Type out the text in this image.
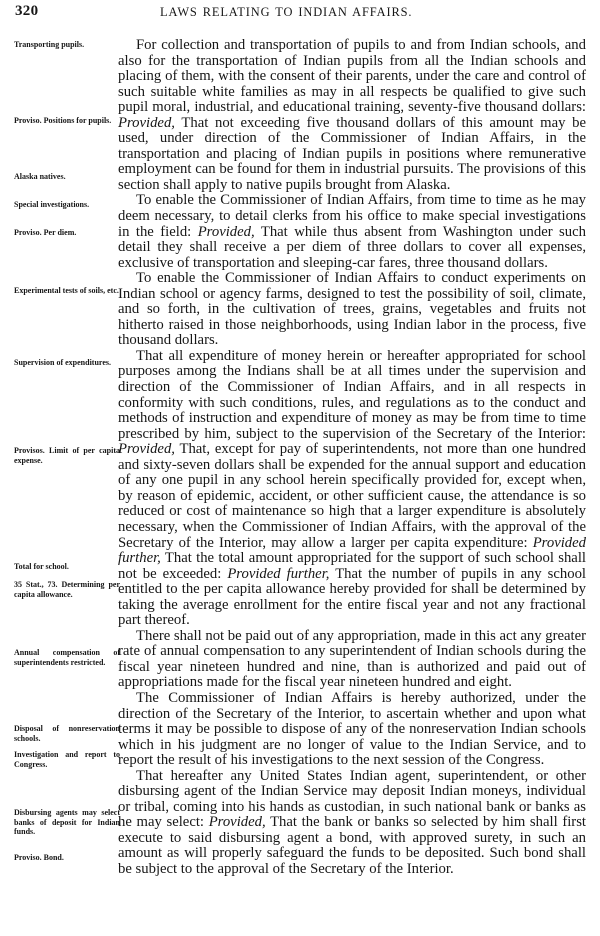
320	LAWS RELATING TO INDIAN AFFAIRS.
Transporting pupils.
Proviso. Positions for pupils.
Alaska natives.
Special investigations.
Proviso. Per diem.
Experimental tests of soils, etc.
Supervision of expenditures.
Provisos. Limit of per capita expense.
Total for school.
35 Stat., 73. Determining per capita allowance.
Annual compensation of superintendents restricted.
Disposal of nonreservation schools.
Investigation and report to Congress.
Disbursing agents may select banks of deposit for Indian funds.
Proviso. Bond.

For collection and transportation of pupils to and from Indian schools, and also for the transportation of Indian pupils from all the Indian schools and placing of them, with the consent of their parents, under the care and control of such suitable white families as may in all respects be qualified to give such pupil moral, industrial, and educational training, seventy-five thousand dollars: Provided, That not exceeding five thousand dollars of this amount may be used, under direction of the Commissioner of Indian Affairs, in the transportation and placing of Indian pupils in positions where remunerative employment can be found for them in industrial pursuits. The provisions of this section shall apply to native pupils brought from Alaska.

To enable the Commissioner of Indian Affairs, from time to time as he may deem necessary, to detail clerks from his office to make special investigations in the field: Provided, That while thus absent from Washington under such detail they shall receive a per diem of three dollars to cover all expenses, exclusive of transportation and sleeping-car fares, three thousand dollars.

To enable the Commissioner of Indian Affairs to conduct experiments on Indian school or agency farms, designed to test the possibility of soil, climate, and so forth, in the cultivation of trees, grains, vegetables and fruits not hitherto raised in those neighborhoods, using Indian labor in the process, five thousand dollars.

That all expenditure of money herein or hereafter appropriated for school purposes among the Indians shall be at all times under the supervision and direction of the Commissioner of Indian Affairs, and in all respects in conformity with such conditions, rules, and regulations as to the conduct and methods of instruction and expenditure of money as may be from time to time prescribed by him, subject to the supervision of the Secretary of the Interior: Provided, That, except for pay of superintendents, not more than one hundred and sixty-seven dollars shall be expended for the annual support and education of any one pupil in any school herein specifically provided for, except when, by reason of epidemic, accident, or other sufficient cause, the attendance is so reduced or cost of maintenance so high that a larger expenditure is absolutely necessary, when the Commissioner of Indian Affairs, with the approval of the Secretary of the Interior, may allow a larger per capita expenditure: Provided further, That the total amount appropriated for the support of such school shall not be exceeded: Provided further, That the number of pupils in any school entitled to the per capita allowance hereby provided for shall be determined by taking the average enrollment for the entire fiscal year and not any fractional part thereof.

There shall not be paid out of any appropriation, made in this act any greater rate of annual compensation to any superintendent of Indian schools during the fiscal year nineteen hundred and nine, than is authorized and paid out of appropriations made for the fiscal year nineteen hundred and eight.

The Commissioner of Indian Affairs is hereby authorized, under the direction of the Secretary of the Interior, to ascertain whether and upon what terms it may be possible to dispose of any of the nonreservation Indian schools which in his judgment are no longer of value to the Indian Service, and to report the result of his investigations to the next session of the Congress.

That hereafter any United States Indian agent, superintendent, or other disbursing agent of the Indian Service may deposit Indian moneys, individual or tribal, coming into his hands as custodian, in such national bank or banks as he may select: Provided, That the bank or banks so selected by him shall first execute to said disbursing agent a bond, with approved surety, in such an amount as will properly safeguard the funds to be deposited. Such bond shall be subject to the approval of the Secretary of the Interior.
